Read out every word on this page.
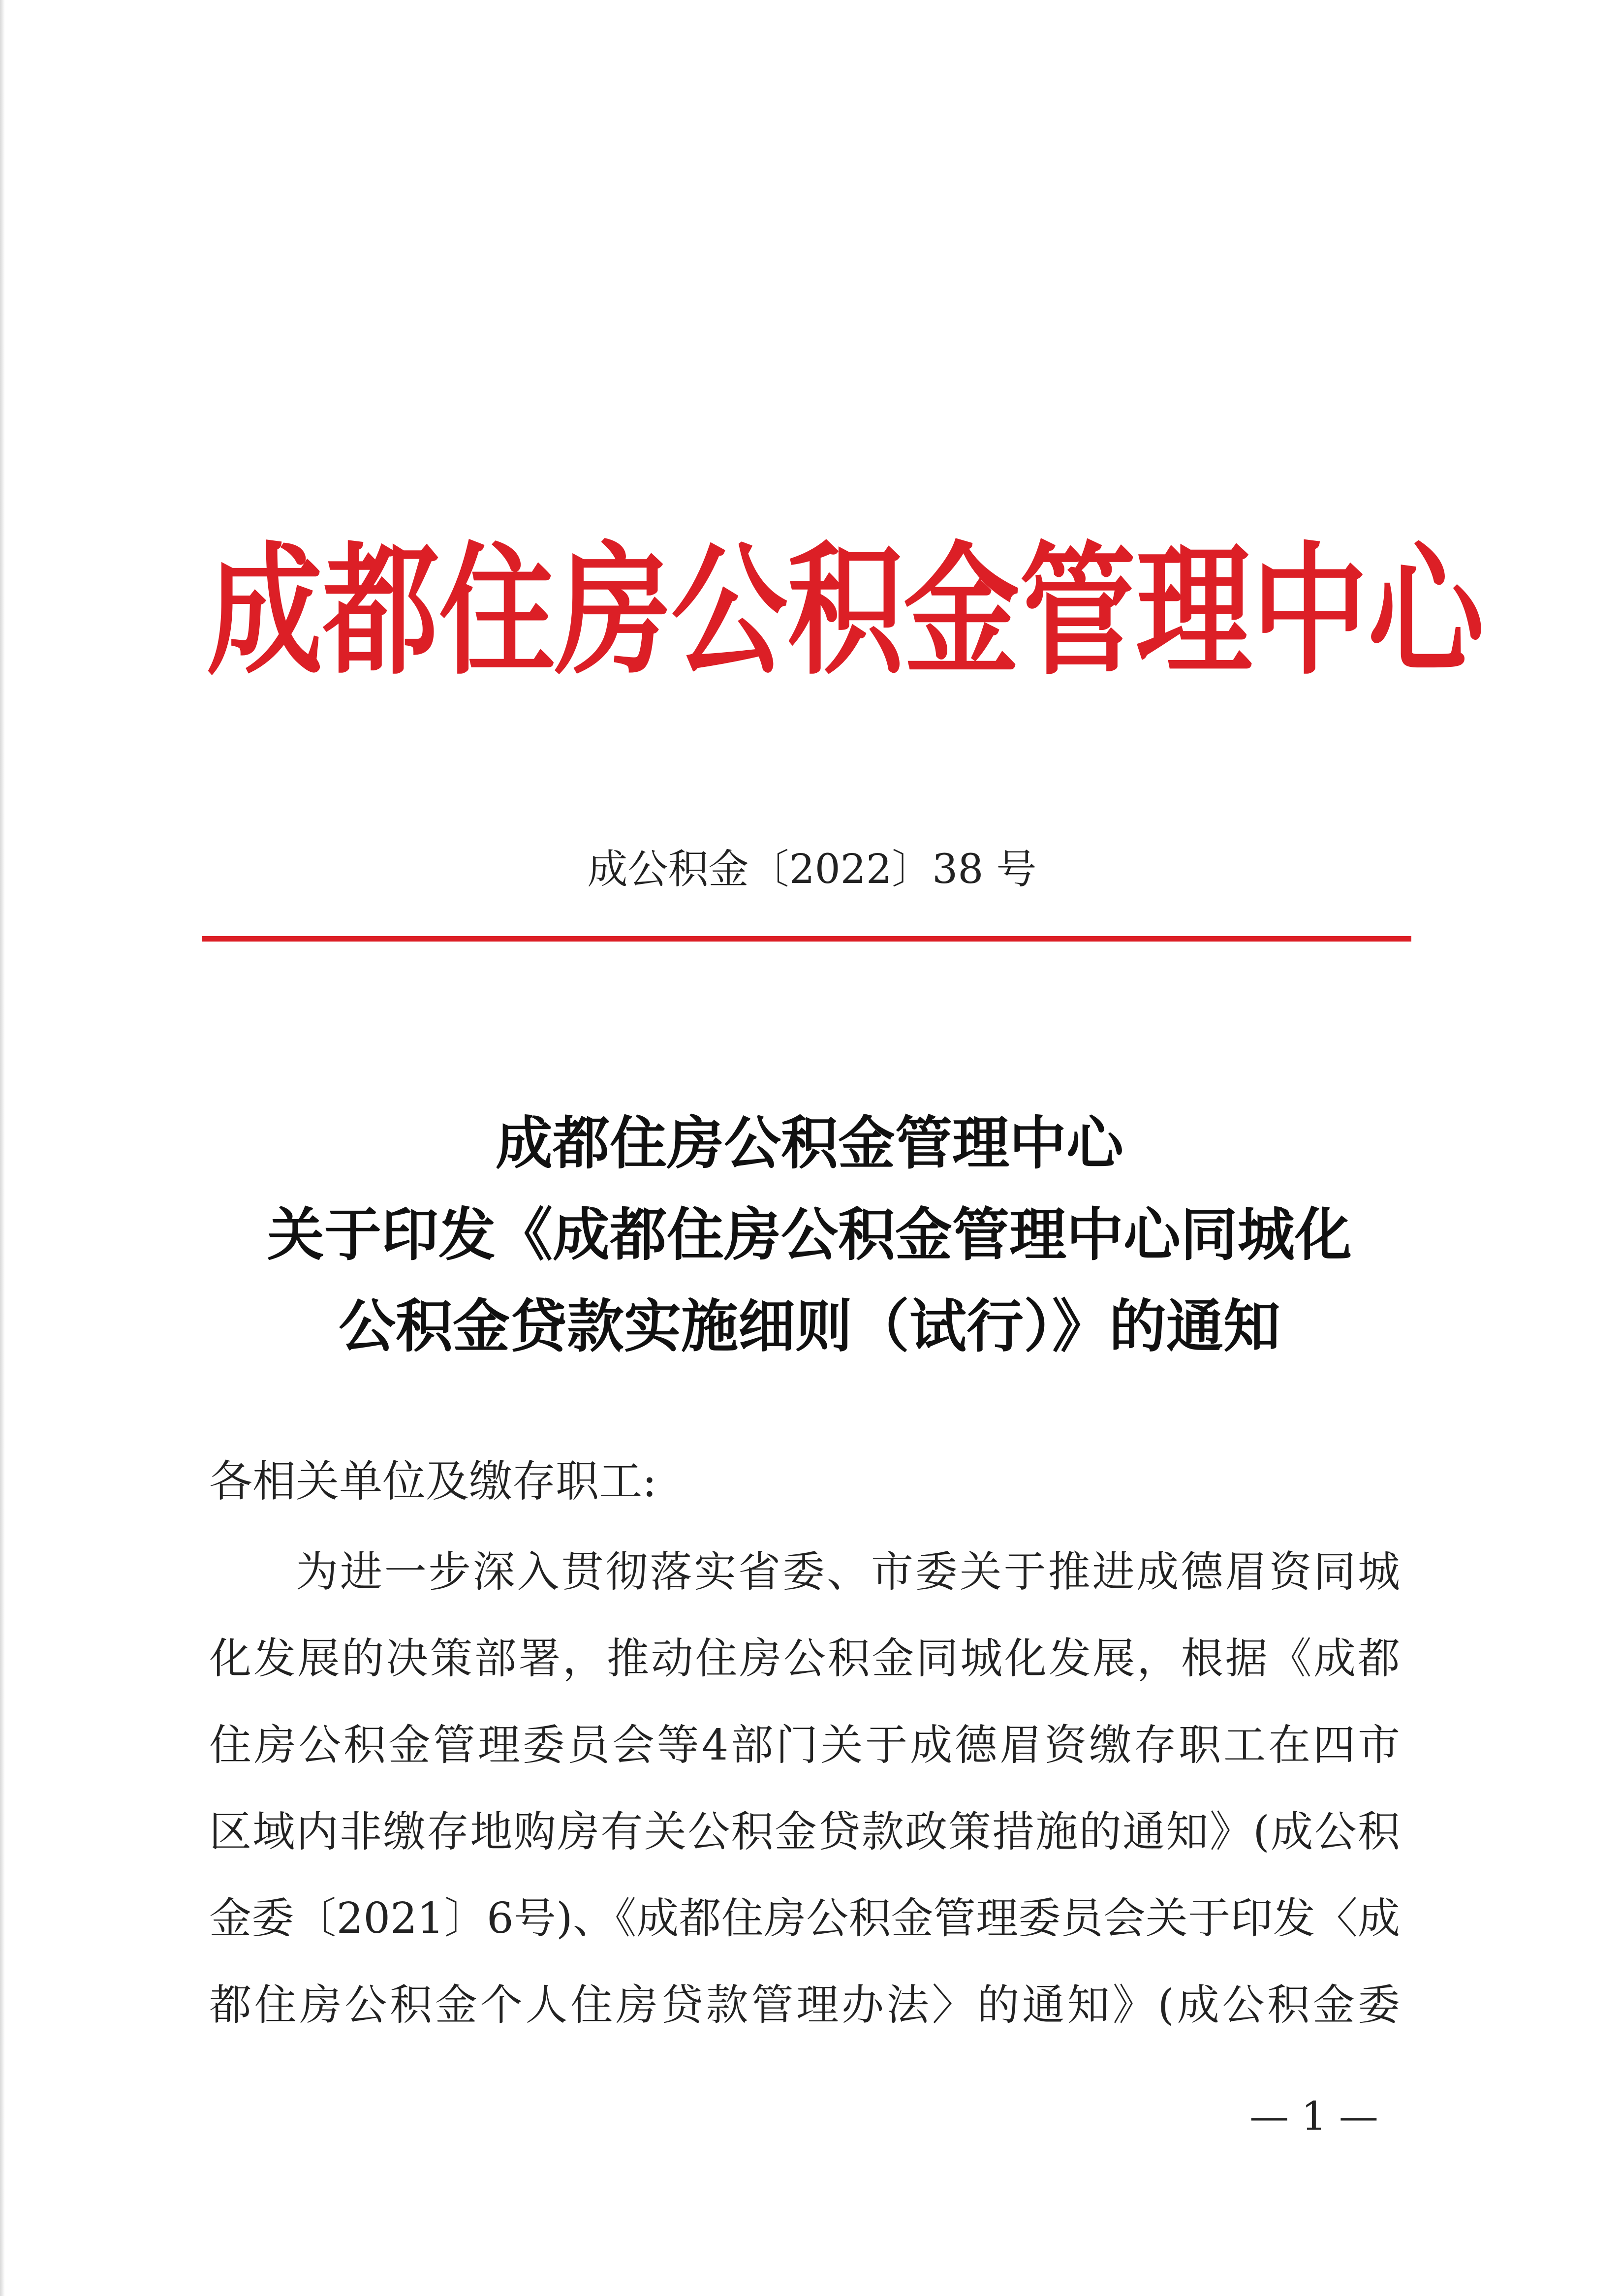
成都住房公积金管理中心
成公积金〔2022〕38 号
成都住房公积金管理中心
关于印发《成都住房公积金管理中心同城化
公积金贷款实施细则（试行）》的通知
各相关单位及缴存职工:
为进一步深入贯彻落实省委、市委关于推进成德眉资同城
化发展的决策部署，推动住房公积金同城化发展，根据《成都
住房公积金管理委员会等4部门关于成德眉资缴存职工在四市
区域内非缴存地购房有关公积金贷款政策措施的通知》(成公积
金委〔2021〕6号)、《成都住房公积金管理委员会关于印发〈成
都住房公积金个人住房贷款管理办法〉的通知》(成公积金委
— 1 —
